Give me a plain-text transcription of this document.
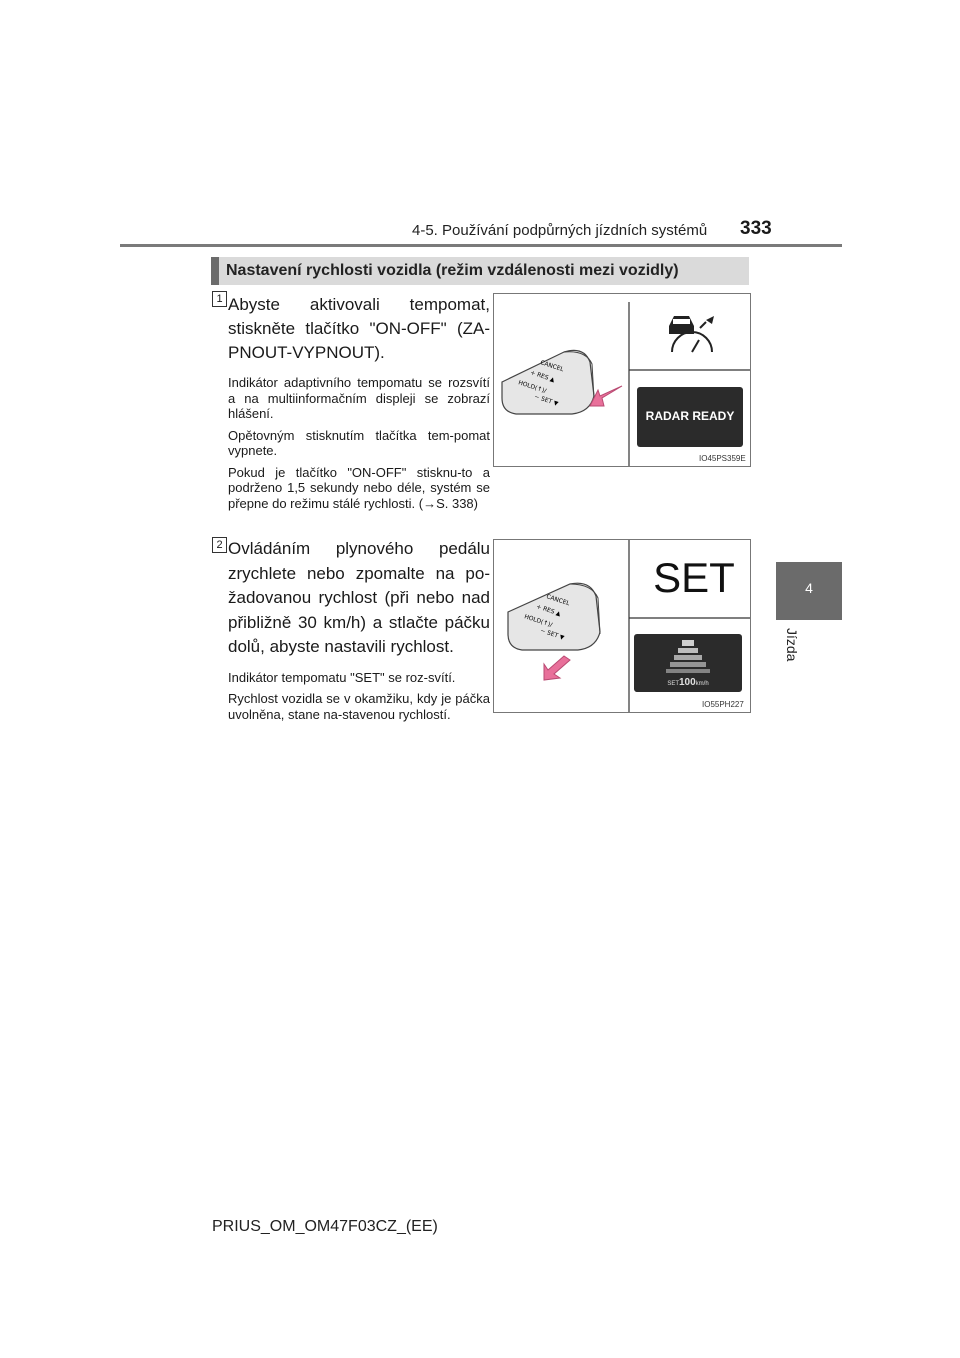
4-5. Používání podpůrných jízdních systémů 333
4
Jízda
Nastavení rychlosti vozidla (režim vzdálenosti mezi vozidly)
1 Abyste aktivovali tempomat, stiskněte tlačítko "ON-OFF" (ZA-PNOUT-VYPNOUT).

Indikátor adaptivního tempomatu se rozsvítí a na multiinformačním displeji se zobrazí hlášení.

Opětovným stisknutím tlačítka tem-pomat vypnete.

Pokud je tlačítko "ON-OFF" stisknu-to a podrženo 1,5 sekundy nebo déle, systém se přepne do režimu stálé rychlosti. (→S. 338)

CANCEL
+ RES ▲
HOLD(↑)/
− SET ▼
RADAR READY
IO45PS359E
2 Ovládáním plynového pedálu zrychlete nebo zpomalte na po-žadovanou rychlost (při nebo nad přibližně 30 km/h) a stlačte páčku dolů, abyste nastavili rychlost.

Indikátor tempomatu "SET" se roz-svítí.

Rychlost vozidla se v okamžiku, kdy je páčka uvolněna, stane na-stavenou rychlostí.

CANCEL
+ RES ▲
HOLD(↑)/
− SET ▼
SET
SET100km/h
IO55PH227
PRIUS_OM_OM47F03CZ_(EE)
